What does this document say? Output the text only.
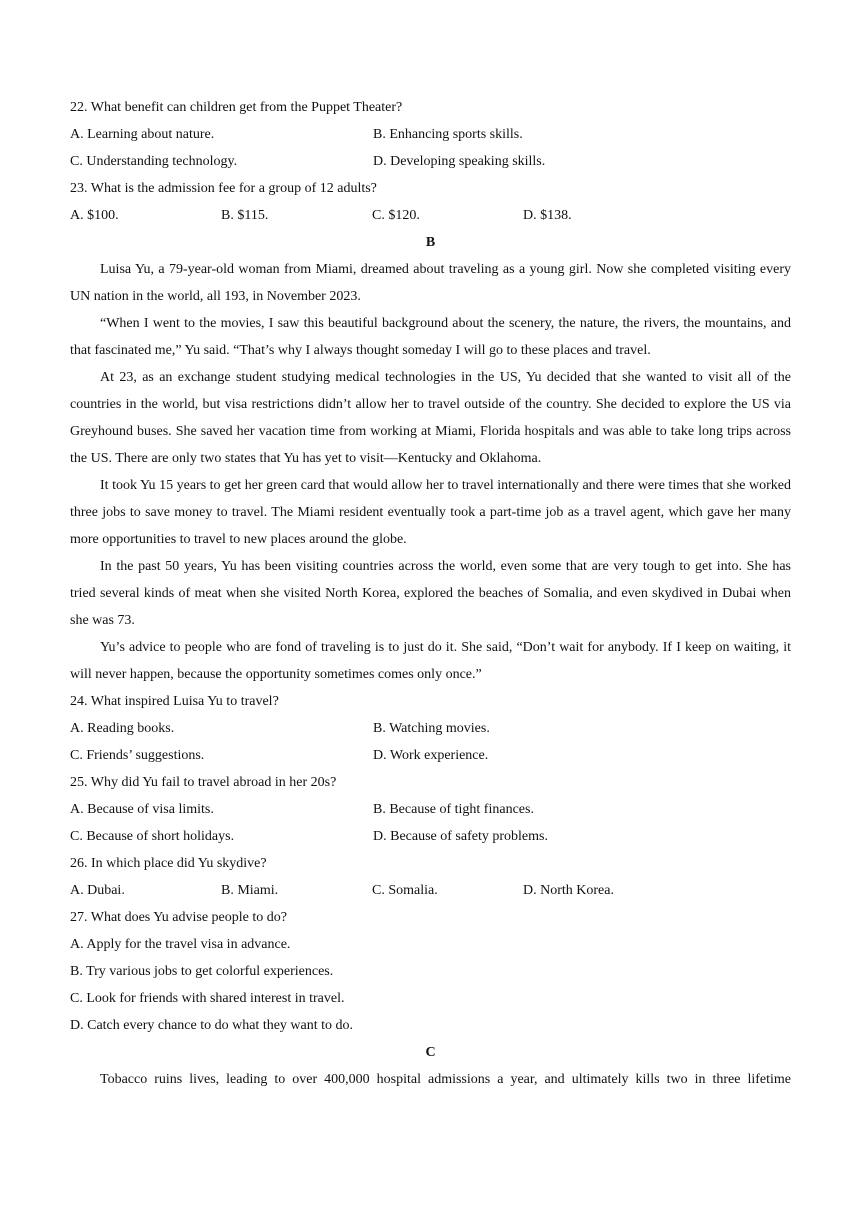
22. What benefit can children get from the Puppet Theater?
A. Learning about nature.	B. Enhancing sports skills.
C. Understanding technology.	D. Developing speaking skills.
23. What is the admission fee for a group of 12 adults?
A. $100.	B. $115.	C. $120.	D. $138.
B

Luisa Yu, a 79-year-old woman from Miami, dreamed about traveling as a young girl. Now she completed visiting every UN nation in the world, all 193, in November 2023.

“When I went to the movies, I saw this beautiful background about the scenery, the nature, the rivers, the mountains, and that fascinated me,” Yu said. “That’s why I always thought someday I will go to these places and travel.

At 23, as an exchange student studying medical technologies in the US, Yu decided that she wanted to visit all of the countries in the world, but visa restrictions didn’t allow her to travel outside of the country. She decided to explore the US via Greyhound buses. She saved her vacation time from working at Miami, Florida hospitals and was able to take long trips across the US. There are only two states that Yu has yet to visit—Kentucky and Oklahoma.

It took Yu 15 years to get her green card that would allow her to travel internationally and there were times that she worked three jobs to save money to travel. The Miami resident eventually took a part-time job as a travel agent, which gave her many more opportunities to travel to new places around the globe.

In the past 50 years, Yu has been visiting countries across the world, even some that are very tough to get into. She has tried several kinds of meat when she visited North Korea, explored the beaches of Somalia, and even skydived in Dubai when she was 73.

Yu’s advice to people who are fond of traveling is to just do it. She said, “Don’t wait for anybody. If I keep on waiting, it will never happen, because the opportunity sometimes comes only once.”

24. What inspired Luisa Yu to travel?
A. Reading books.	B. Watching movies.
C. Friends’ suggestions.	D. Work experience.
25. Why did Yu fail to travel abroad in her 20s?
A. Because of visa limits.	B. Because of tight finances.
C. Because of short holidays.	D. Because of safety problems.
26. In which place did Yu skydive?
A. Dubai.	B. Miami.	C. Somalia.	D. North Korea.
27. What does Yu advise people to do?
A. Apply for the travel visa in advance.
B. Try various jobs to get colorful experiences.
C. Look for friends with shared interest in travel.
D. Catch every chance to do what they want to do.
C

Tobacco ruins lives, leading to over 400,000 hospital admissions a year, and ultimately kills two in three lifetime
